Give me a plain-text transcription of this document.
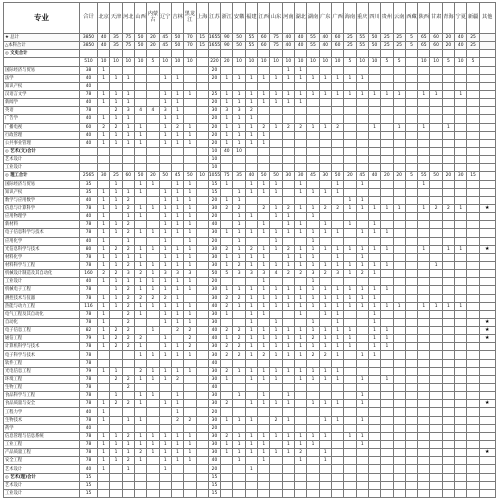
专业	合计	北京	天津	河北	山西	内蒙古	辽宁	吉林	黑龙江	上海	江苏	浙江	安徽	福建	江西	山东	河南	湖北	湖南	广东	广西	海南	重庆	四川	贵州	云南	西藏	陕西	甘肃	青海	宁夏	新疆	其他
★ 总计	3850	40	35	75	50	20	45	50	70	15	1655	90	50	55	60	75	40	40	55	40	60	25	55	50	25	25	5	65	60	20	40	25	
△本科合计	3850	40	35	75	50	20	45	50	70	15	1655	90	50	55	60	75	40	40	55	40	60	25	55	50	25	25	5	65	60	20	40	25	
◎ 文史合计																																	
	510	10	10	10	10	5	10	10	10		220	20	10	10	10	10	10	10	10	10	10	5	10	10	5	5		10	10	5	10	5	
国际经济与贸易	38	1									20						1	1															
法学	40	1	1	1			1	1			20	1	1	1	1	1	1	1	1	1	1	1	1										
知识产权	40																																
汉语言文学	78	1	1	1			1	1	1		25	1	1	1	1	1	1	1	1	1	1	1	1	1	1	1		1	1		1		
新闻学	40	1	1	1			1	1			20	1	1	1	1	1	1	1															
英语	78		2	3	4	4	3	1			30	3	3	2																			
广告学	40	1	1	1			1	1			20	1	1	1																			
广播电视	60	2	2	1	1		1	2	1		20	1	1	1	2	1	2	2	1	1	2			1		1		1		1			
行政管理	40	1	1	1	1		1	1	1		20	1	1	1	1																		
公共事业管理	40	1	1	1	1		1	1	1		20	1	1	1	1																		
◎ 艺术(文)合计											10	40	10																				
艺术设计											10																						
工业设计											10																						
◎ 理工合计	2565	30	25	60	50	20	50	45	50	10	1055	75	35	40	50	50	30	30	45	30	50	20	45	40	20	20	5	55	50	20	30	15	
国际经济与贸易	35		1		1	1		1	1		15	1		1	1	1		1			1		1					1					
知识产权	35	1	1	1	1		1	1	1		15		1	1	1	1		1	1	1	1												
数学与应用数学	40	1	1	2			1	1	1		20	1	1									1	1										
信息与计算科学	78	1	1	2	1	1	1	1	1		30	2	2		2	1	2	1	1	2	2	1	1	1	1	1		1	2	2	1		★
应用物理学	40	1		1	1		1	1	1		20		1	1		1	1		1														
新材料	78	1	1	2			1	1	1		40		1		1		1	1		1		1		1									
电子信息科学与技术	78	1	1	2	1	1	1	1	1		30	1	1	1	1	1	1	1	1	1	1		1	1	1								
应用化学	40	1		1			1		1		20		1			1			1														
光信息科学与技术	80	1	2	2	1	1	1	1	1		30	2	1	2	1	1	2	1	1	1	1	1	1	1	1			1		1	1		★
材料化学	78	1	1	1	1		1	1	1		30	1	1	1	1		1	1	1		1		1										
材料科学与工程	78	1	1	2	1	1	1	1	1		30	1	2	1	1	1	1	1	1	1	1	1	1	1	1				1				
机械设计制造及其自动化	160	2	2	3	2	1	3	3	3		50	5	3	3	3	4	2	2	3	2	3	1	2	1									
工业设计	40	1	1	1	1	1	1	1	1		20				1				1														
机械电子工程	78		1	2	1	1	1	1	1		30	1	1	1	1	1	1	1	1	1	1	1	1	1	1								
测控技术与仪器	78	1	1	2	2	2	2	1			30	2	2	1	1	1	1	1	1	1	1	1	1	1									
热能与动力工程	116	1	1	2	1	1	1	1	1		40	2	1	1	1	1	1	1	1	1	1	1	1	1	1	1		1	1	1	1		
电气工程及其自动化	78	1		2	1		1	1	1		30	1		1	1			1		1	1			1									
自动化	78	1		2			1	1	1		30			1		1			1		1			1									★
电子信息工程	82	1	2	2		1		2	2		40	2	2	1	1	1	1	1	1	1	1	1		1	1								★
通信工程	79	1	2	2	2		1		2		40	1	2	1	1	1	1	1	2	1	1	1		1	1								★
计算机科学与技术	78	1	2	2	1		1	1	2		30	2	2	1	1	1	1	1	1	1	1	1		1	1								
电子科学与技术	78				1	1	1	1	1		30	2	2	1	2	1	1	1	2	2	1		1	1									
软件工程	78										40																						
光电信息工程	79	1	1		2	1	1	1	1		30	2	1	1	1	1	1	1	1	1	1												
环境工程	78		2	2	1	1	1	2			30	1		1	1	1		1	1	1	1		1		1								
生物工程	78			2							40																						
食品科学与工程	78		1		1	1		1			30		1		1		1						1										
食品质量与安全	78	1	2	2	1		1	1			30	2		1	1	1	1		1	1	1		1										★
工程力学	40	1						1			20																						
生物技术	78	1		1	1			2	2		30	1	1	1		2	1			1	1		1										
药学	40										20																						
信息管理与信息系统	78	1	1	2	1	1	1	1	1		30	2	1	1	1	1	1	1	1	1		1	1										
工业工程	78	1	1	1	1	1	1	1	1		30	1	1	1	1		1	1	1				1										
产品质量工程	78	1	1	1	2	1	1	1	1		30	1	1	1	1	1	1	2		1													★
安全工程	78	1	1	2	1		1	1	1		40		1		1			1		1													
艺术设计	40	1		1			1				20			1																			
◎ 艺术(理)合计	15										15																						
艺术设计	15										15																						
工业设计	15										15																						
